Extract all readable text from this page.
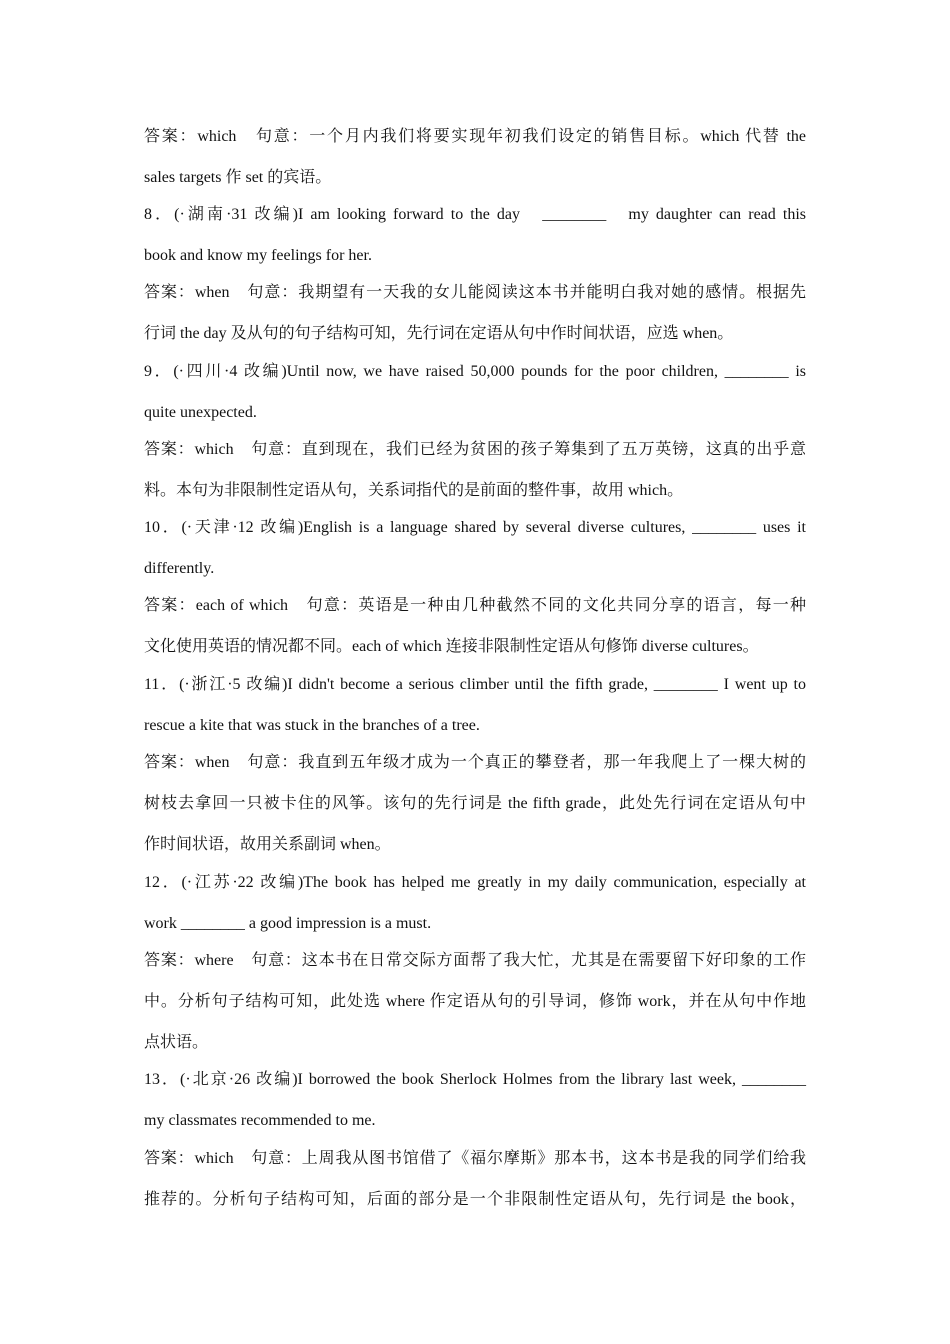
答案：which　句意：一个月内我们将要实现年初我们设定的销售目标。which 代替 the
sales targets 作 set 的宾语。
8．(·湖南·31 改编)I am looking forward to the day　________　my daughter can read this
book and know my feelings for her.
答案：when　句意：我期望有一天我的女儿能阅读这本书并能明白我对她的感情。根据先
行词 the day 及从句的句子结构可知，先行词在定语从句中作时间状语，应选 when。
9．(·四川·4 改编)Until now, we have raised 50,000 pounds for the poor children, ________ is
quite unexpected.
答案：which　句意：直到现在，我们已经为贫困的孩子筹集到了五万英镑，这真的出乎意
料。本句为非限制性定语从句，关系词指代的是前面的整件事，故用 which。
10．(·天津·12 改编)English is a language shared by several diverse cultures, ________ uses it
differently.
答案：each of which　句意：英语是一种由几种截然不同的文化共同分享的语言，每一种
文化使用英语的情况都不同。each of which 连接非限制性定语从句修饰 diverse cultures。
11．(·浙江·5 改编)I didn't become a serious climber until the fifth grade, ________ I went up to
rescue a kite that was stuck in the branches of a tree.
答案：when　句意：我直到五年级才成为一个真正的攀登者，那一年我爬上了一棵大树的
树枝去拿回一只被卡住的风筝。该句的先行词是 the fifth grade，此处先行词在定语从句中
作时间状语，故用关系副词 when。
12．(·江苏·22 改编)The book has helped me greatly in my daily communication, especially at
work ________ a good impression is a must.
答案：where　句意：这本书在日常交际方面帮了我大忙，尤其是在需要留下好印象的工作
中。分析句子结构可知，此处选 where 作定语从句的引导词，修饰 work，并在从句中作地
点状语。
13．(·北京·26 改编)I borrowed the book Sherlock Holmes from the library last week, ________
my classmates recommended to me.
答案：which　句意：上周我从图书馆借了《福尔摩斯》那本书，这本书是我的同学们给我
推荐的。分析句子结构可知，后面的部分是一个非限制性定语从句，先行词是 the book，
